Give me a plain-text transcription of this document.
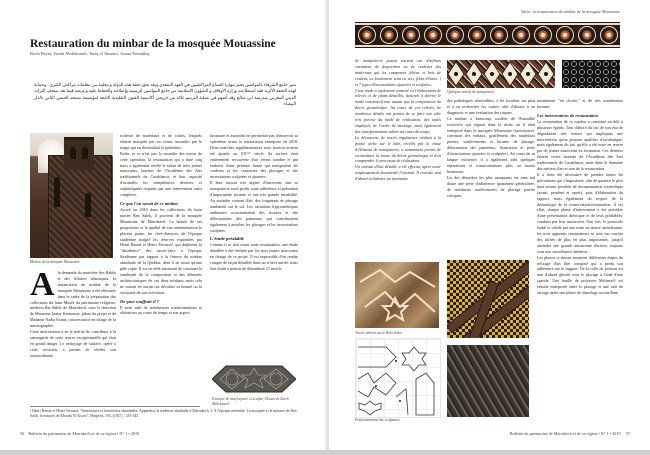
Restauration du minbar de la mosquée Mouassine
Roch Payet, Zineb Abdelouarh, Tariq el Amrani, Anass Ennahbaj
منبر جامع الشرفاء بالمواسين يعتبر مهارة الصناع المراكشيين في العهد السعدي ويعد بحق تحفة هذه الدولة و معلمة من معلمات مراكش الكبرى . وحماية لهذه التحفة الأثرية فقد استطاعت وزارة الأوقاف و الشؤون الإسلامية من جامع المواسين لترميمه وإصلاحه والحفاظ عليه وعرضه فيما بعد بمتحف التراث الديني المغربي بمدرسة ابن صالح وقد أسهم في عملية الترميم ثلاثة من خريجي أكاديمية الفنون التقليدية التابعة لمؤسسة مسجد الحسن الثاني بالدار البيضاء
Minbar de la mosquée Mouassine

Ala demande du ministère des Habûs et des Affaires islamiques, la restauration du minbar de la mosquée Mouassine a été effectuée dans le cadre de la préparation des collections du futur Musée du patrimoine religieux, medersa Ibn Sâleh, de Marrakech, sous la direction de Monsieur Jaafar Kansoussi, pilote du projet et de Madame Nadia Erzini, conservatrice en charge de la muséographie.

Cette intervention a eu le mérite de contribuer à la sauvegarde de cette œuvre exceptionnelle qui était en grand danger. Le nettoyage de surface, opéré à cette occasion, a permis de révéler son extraordinaire

richesse de matériaux et de colors, lesquels étaient masqués par un vernis assombri par le temps qui en dissimulait la splendeur.

Enfin, et ce n'est pas la moindre des vertus de cette opération, la restauration qui a duré cinq mois a également révélé le talent de trois jeunes marocains, lauréats de l'Académie des Arts traditionnels de Casablanca, et leur capacité d'assimiler les compétences diverses et sophistiquées requises par une intervention aussi complexe.

Ce que l'on savait de ce minbar

Arrivé en 2016 dans les collections du futur musée Ben Saleh, il provient de la mosquée Mouassine de Marrakech. La beauté de ses proportions et la qualité de son ornementation le placent parmi les chef-d'œuvres de l'époque saadienne malgré les réserves exprimées par Henri Basset et Henri Terrasse¹, qui déplorent la "décadence" des savoir-faire à l'époque Saadienne par rapport à la finesse du minbar almohade de la Qoubba, dont il ne serait qu'une pâle copie. Il est en effet saisissant de constater la similitude de la composition et des éléments architectoniques de ces deux minbars, mais cela ne saurait en aucun cas dévaluer sa beauté ou la virtuosité de son exécution.

De quoi souffrait-il ?

Il avait subi de nombreuses transformations et altérations au cours du temps et son aspect

lacunaire et assombri ne permettait pas d'entrevoir sa splendeur avant la restauration entreprise en 2018. Deux marches supplémentaires sous fronton avaient été ajoutés au XXᵉᵐᵉ siècle. Sa surface était entièrement recouverte d'un vernis sombre et par endroits d'une peinture brune qui masquaient les couleurs et les contrastes des placages et des incrustations sculptées et ajourées.

Il était surtout très urgent d'intervenir, tant sa marqueterie avait perdu toute adhérence et présentait d'importantes lacunes et une très grande instabilité. Au moindre courant d'air, des fragments de placage tombaient sur le sol. Les variations hygrométriques ambiantes occasionnaient des fissures et des déformations des panneaux qui contribuaient également à arracher les placages et les incrustations sculptées.

L'étude préalable

Comme il se doit avant toute restauration, une étude détaillée a été réalisée par les trois jeunes marocains en charge de ce projet. Il est impossible d'en rendre compte de façon détaillée dans un si bref article, mais leur étude a permis de dénombrer 21 motifs

Exemple de motif ajouré et sculpté, Dessin de Zineb Abdelouarh
¹ Henri Basset et Henri Terrasse, "Sanctuaires et forteresses almohades, Appendice la tradition almohade à Marrakech, I. À l'époque mérinide. La mosquée et le minaret de Ben Salih, le minaret de Moulay El Ksour", Hespéris, VII, (1927) : 333-345.
56 Bulletin du patrimoine de Marrakech et de sa région • N° 1 • 2019
Varia: la restauration du minbar de la mosquée Mouassine

de marqueterie jouant souvent sur d'infimes variations de disposition ou de couleurs des matériaux qui les composent (ébène et bois de couleur, os localement teint en vert, filets d'étain...) et 7 types d'incrustations ajourées et sculptées.

Cette étude a également consisté en l'élaboration de relevés et de plans détaillés, destinés à décrire le mode constructif tout autant que la composition du décor géométrique. Au cours de ces relevés, de nombreux détails ont permis de se faire une idée très précise du mode de réalisation, des outils employés, de l'ordre de montage, mais également des transformations subies au cours du temps.

La découverte de tracés régulateurs réalisés à la pointe sèche sur le bâti, révélés par la chute d'éléments de marqueterie, a notamment permis de reconstituer la trame du décor géométrique et d'en comprendre le processus de réalisation.

Un constat d'état détaillé a été effectué après avoir soigneusement documenté l'existant. Il consiste tout d'abord à élaborer un inventaire

Tracés relevés sur le Bois sèche
Positionnement des sculptures
Quelques motifs de marqueterie

des pathologies observables, à les localiser sur plan et à en rechercher les causes, afin d'aboutir à un diagnostic et une évaluation des risques.

Ce minbar a beaucoup souffert de l'humidité excessive qui régnait dans la niche où il était entreposé dans la mosquée Mouassine (moisissures, corrosion des métaux, gonflement des matériaux poreux, soulèvements et lacunes de placage, déformation des panneaux, fissuration et perte d'incrustations ajourées et sculptées). Au cours de sa longue existence, il a également subi quelques réparations et transformations plus ou moins heureuses.

Un des désordres les plus marquants est sans nul doute une perte d'adhérence quasiment généralisée, de nombreux soulèvements de placage parties critiques,

notamment "en cloche," et de très nombreuses lacunes.

Les interventions de restauration

La restauration de ce minbar a constitué un défi à plusieurs égards. Tout d'abord du fait de son état de dégradation très avancé qui impliquait une intervention qu'on pourrait qualifier d'acrobatique, mais également du fait qu'elle a été mise en œuvre par de jeunes marocains en formation. Ces derniers étaient certes lauréats de l'Académie des Arts traditionnels de Casablanca, mais dans le domaine des métiers d'art et non de la restauration.

Il a donc été nécessaire de prendre toutes les précautions qui s'imposaient, afin de garantir le plus haut niveau possible de documentation scientifique (avant, pendant et après), puis d'élaboration du rapport, mais également du respect de la déontologie de la conservation-restauration. À cet effet, chaque phase d'intervention a été précédée d'une présentation théorique et de tests préalables, conduits par leur instructeur. Une fois, le protocole établi et validé par une mise en œuvre satisfaisante, les trois apprentis restaurateurs se sont vus confier des tâches de plus en plus importantes, jusqu'à atteindre une grande autonomie d'action, toujours sous une surveillance attentive.

Les photos ci-dessus montrent différentes étapes du refixage d'un filet composé qui a perdu son adhérence sur le support. De la colle de poisson est tout d'abord glissée sous le placage à l'aide d'une spatule. Une feuille de polyester Melinex® est ensuite interposée entre le placage et une cale de serrage après une phase de chauffage au soufflant

Bulletin du patrimoine de Marrakech et de sa région • N° 1 • 2019 57
